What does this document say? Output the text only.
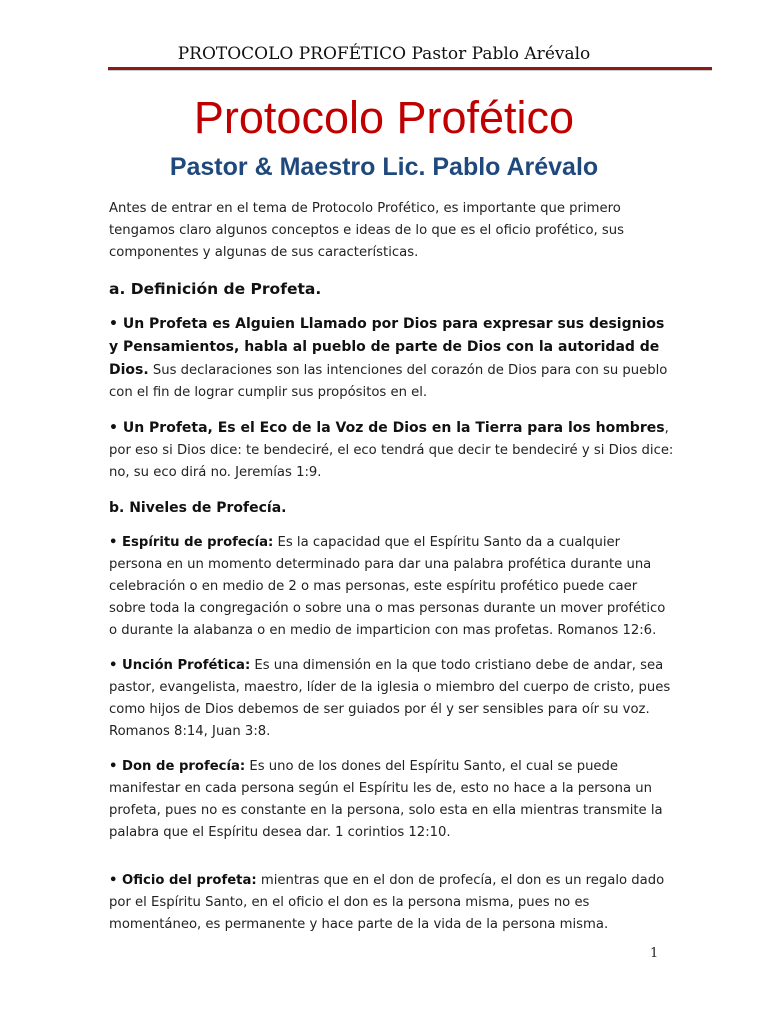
PROTOCOLO PROFÉTICO Pastor Pablo Arévalo
Protocolo Profético
Pastor & Maestro Lic. Pablo Arévalo

Antes de entrar en el tema de Protocolo Profético, es importante que primero tengamos claro algunos conceptos e ideas de lo que es el oficio profético, sus componentes y algunas de sus características.

a. Definición de Profeta.

• Un Profeta es Alguien Llamado por Dios para expresar sus designios y Pensamientos, habla al pueblo de parte de Dios con la autoridad de Dios. Sus declaraciones son las intenciones del corazón de Dios para con su pueblo con el fin de lograr cumplir sus propósitos en el.

• Un Profeta, Es el Eco de la Voz de Dios en la Tierra para los hombres, por eso si Dios dice: te bendeciré, el eco tendrá que decir te bendeciré y si Dios dice: no, su eco dirá no. Jeremías 1:9.

b. Niveles de Profecía.

• Espíritu de profecía: Es la capacidad que el Espíritu Santo da a cualquier persona en un momento determinado para dar una palabra profética durante una celebración o en medio de 2 o mas personas, este espíritu profético puede caer sobre toda la congregación o sobre una o mas personas durante un mover profético o durante la alabanza o en medio de imparticion con mas profetas. Romanos 12:6.

• Unción Profética: Es una dimensión en la que todo cristiano debe de andar, sea pastor, evangelista, maestro, líder de la iglesia o miembro del cuerpo de cristo, pues como hijos de Dios debemos de ser guiados por él y ser sensibles para oír su voz. Romanos 8:14, Juan 3:8.

• Don de profecía: Es uno de los dones del Espíritu Santo, el cual se puede manifestar en cada persona según el Espíritu les de, esto no hace a la persona un profeta, pues no es constante en la persona, solo esta en ella mientras transmite la palabra que el Espíritu desea dar. 1 corintios 12:10.

• Oficio del profeta: mientras que en el don de profecía, el don es un regalo dado por el Espíritu Santo, en el oficio el don es la persona misma, pues no es momentáneo, es permanente y hace parte de la vida de la persona misma.

1
